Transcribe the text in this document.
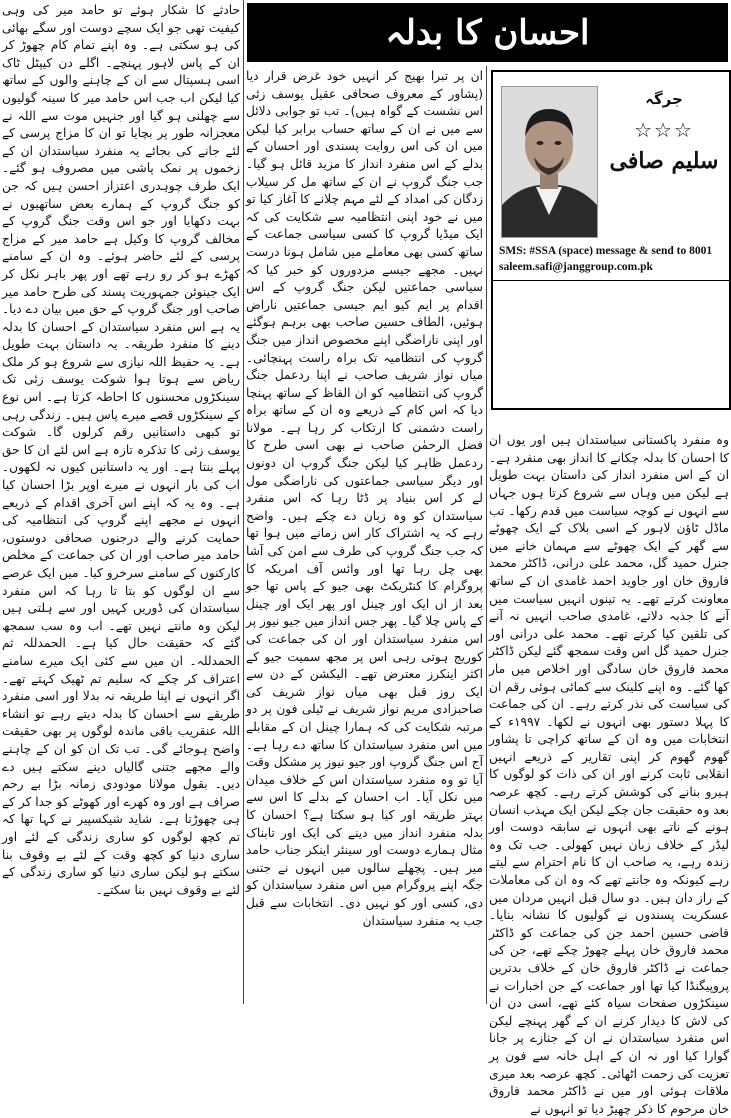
احسان کا بدلہ
جرگہ
☆☆☆
سلیم صافی
SMS: #SSA (space) message & send to 8001
saleem.safi@janggroup.com.pk

وہ منفرد پاکستانی سیاستدان ہیں اور یوں ان کا احسان کا بدلہ چکانے کا انداز بھی منفرد ہے۔ ان کے اس منفرد انداز کی داستان بہت طویل ہے لیکن میں وہاں سے شروع کرتا ہوں جہاں سے انہوں نے کوچہ سیاست میں قدم رکھا۔ تب ماڈل ٹاؤن لاہور کے اسی بلاک کے ایک چھوٹے سے گھر کے ایک چھوٹے سے مہمان خانے میں جنرل حمید گل، محمد علی درانی، ڈاکٹر محمد فاروق خان اور جاوید احمد غامدی ان کے ساتھ معاونت کرتے تھے۔ یہ تینوں انہیں سیاست میں آنے کا جذبہ دلاتے، غامدی صاحب انہیں نہ آنے کی تلقین کیا کرتے تھے۔ محمد علی درانی اور جنرل حمید گل اس وقت سمجھ گئے لیکن ڈاکٹر محمد فاروق خان سادگی اور اخلاص میں مار کھا گئے۔ وہ اپنے کلینک سے کمائی ہوئی رقم ان کی سیاست کی نذر کرتے رہے۔ ان کی جماعت کا پہلا دستور بھی انہوں نے لکھا۔ ۱۹۹۷ء کے انتخابات میں وہ ان کے ساتھ کراچی تا پشاور گھوم گھوم کر اپنی تقاریر کے ذریعے انہیں انقلابی ثابت کرنے اور ان کی ذات کو لوگوں کا ہیرو بنانے کی کوشش کرتے رہے۔ کچھ عرصہ بعد وہ حقیقت جان چکے لیکن ایک مہذب انسان ہونے کے ناتے بھی انہوں نے سابقہ دوست اور لیڈر کے خلاف زبان نہیں کھولی۔ جب تک وہ زندہ رہے، یہ صاحب ان کا نام احترام سے لیتے رہے کیونکہ وہ جانتے تھے کہ وہ ان کی معاملات کے راز دان ہیں۔ دو سال قبل انہیں مردان میں عسکریت پسندوں نے گولیوں کا نشانہ بنایا۔ قاضی حسین احمد جن کی جماعت کو ڈاکٹر محمد فاروق خان پہلے چھوڑ چکے تھے، جن کی جماعت نے ڈاکٹر فاروق خان کے خلاف بدترین پروپیگنڈا کیا تھا اور جماعت کے جن اخبارات نے سینکڑوں صفحات سیاہ کئے تھے، اسی دن ان کی لاش کا دیدار کرنے ان کے گھر پہنچے لیکن اس منفرد سیاستدان نے ان کے جنازے پر جانا گوارا کیا اور نہ ان کے اہل خانہ سے فون پر تعزیت کی زحمت اٹھائی۔ کچھ عرصہ بعد میری ملاقات ہوئی اور میں نے ڈاکٹر محمد فاروق خان مرحوم کا ذکر چھیڑ دیا تو انہوں نے

ان پر تبرا بھیج کر انہیں خود غرض قرار دیا (پشاور کے معروف صحافی عقیل یوسف زئی اس نشست کے گواہ ہیں)۔ تب تو جوابی دلائل سے میں نے ان کے ساتھ حساب برابر کیا لیکن میں ان کی اس روایت پسندی اور احسان کے بدلے کے اس منفرد انداز کا مزید قائل ہو گیا۔ جب جنگ گروپ نے ان کے ساتھ مل کر سیلاب زدگان کی امداد کے لئے مہم چلانے کا آغاز کیا تو میں نے خود اپنی انتظامیہ سے شکایت کی کہ ایک میڈیا گروپ کا کسی سیاسی جماعت کے ساتھ کسی بھی معاملے میں شامل ہونا درست نہیں۔ مجھے جیسے مزدوروں کو خبر کیا کہ سیاسی جماعتیں لیکن جنگ گروپ کے اس اقدام پر ایم کیو ایم جیسی جماعتیں ناراض ہوئیں، الطاف حسین صاحب بھی برہم ہوگئے اور اپنی ناراضگی اپنے مخصوص انداز میں جنگ گروپ کی انتظامیہ تک براہ راست پہنچائی۔ میاں نواز شریف صاحب نے اپنا ردعمل جنگ گروپ کی انتظامیہ کو ان الفاظ کے ساتھ پہنچا دیا کہ اس کام کے ذریعے وہ ان کے ساتھ براہ راست دشمنی کا ارتکاب کر رہا ہے۔ مولانا فضل الرحمٰن صاحب نے بھی اسی طرح کا ردعمل ظاہر کیا لیکن جنگ گروپ ان دونوں اور دیگر سیاسی جماعتوں کی ناراضگی مول لے کر اس بنیاد پر ڈٹا رہا کہ اس منفرد سیاستدان کو وہ زبان دے چکے ہیں۔ واضح رہے کہ یہ اشتراک کار اس زمانے میں ہوا تھا کہ جب جنگ گروپ کی طرف سے امن کی آشا بھی چل رہا تھا اور وائس آف امریکہ کا پروگرام کا کنٹریکٹ بھی جیو کے پاس تھا جو بعد از اں ایک اور چینل اور پھر ایک اور چینل کے پاس چلا گیا۔ پھر جس انداز میں جیو نیوز پر اس منفرد سیاستدان اور ان کی جماعت کی کوریج ہوتی رہی اس پر مجھ سمیت جیو کے اکثر اینکرز معترض تھے۔ الیکشن کے دن سے ایک روز قبل بھی میاں نواز شریف کی صاحبزادی مریم نواز شریف نے ٹیلی فون پر دو مرتبہ شکایت کی کہ ہمارا چینل ان کے مقابلے میں اس منفرد سیاستدان کا ساتھ دے رہا ہے۔ آج اس جنگ گروپ اور جیو نیوز پر مشکل وقت آیا تو وہ منفرد سیاستدان اس کے خلاف میدان میں نکل آیا۔ اب احسان کے بدلے کا اس سے بہتر طریقہ اور کیا ہو سکتا ہے؟ احسان کا بدلہ منفرد انداز میں دینے کی ایک اور تابناک مثال ہمارے دوست اور سینئر اینکر جناب حامد میر ہیں۔ پچھلے سالوں میں انہوں نے جتنی جگہ اپنے پروگرام میں اس منفرد سیاستدان کو دی، کسی اور کو نہیں دی۔ انتخابات سے قبل جب یہ منفرد سیاستدان

حادثے کا شکار ہوئے تو حامد میر کی وہی کیفیت تھی جو ایک سچے دوست اور سگے بھائی کی ہو سکتی ہے۔ وہ اپنے تمام کام چھوڑ کر ان کے پاس لاہور پہنچے۔ اگلے دن کیپٹل ٹاک اسی ہسپتال سے ان کے چاہنے والوں کے ساتھ کیا لیکن اب جب اس حامد میر کا سینہ گولیوں سے چھلنی ہو گیا اور جنہیں موت سے اللہ نے معجزانہ طور پر بچایا تو ان کا مزاج پرسی کے لئے جانے کی بجائے یہ منفرد سیاستدان ان کے زخموں پر نمک پاشی میں مصروف ہو گئے۔ ایک طرف چوہدری اعتزاز احسن ہیں کہ جن کو جنگ گروپ کے ہمارے بعض ساتھیوں نے بہت دکھایا اور جو اس وقت جنگ گروپ کے مخالف گروپ کا وکیل ہے حامد میر کے مزاج پرسی کے لئے حاضر ہوئے۔ وہ ان کے سامنے کھڑے ہو کر رو رہے تھے اور پھر باہر نکل کر ایک جینوئن جمہوریت پسند کی طرح حامد میر صاحب اور جنگ گروپ کے حق میں بیان دے دیا۔ یہ ہے اس منفرد سیاستدان کے احسان کا بدلہ دینے کا منفرد طریقہ۔ یہ داستان بہت طویل ہے۔ یہ حفیظ اللہ نیازی سے شروع ہو کر ملک ریاض سے ہوتا ہوا شوکت یوسف زئی تک سینکڑوں محسنوں کا احاطہ کرتا ہے۔ اس نوع کے سینکڑوں قصے میرے پاس ہیں۔ زندگی رہی تو کبھی داستانیں رقم کرلوں گا۔ شوکت یوسف زئی کا تذکرہ تازہ ہے اس لئے ان کا حق پہلے بنتا ہے۔ اور یہ داستانیں کیوں نہ لکھوں۔ اب کی بار انہوں نے میرے اوپر بڑا احسان کیا ہے۔ وہ یہ کہ اپنے اس آخری اقدام کے ذریعے انہوں نے مجھے اپنے گروپ کی انتظامیہ کی حمایت کرنے والے درجنوں صحافی دوستوں، حامد میر صاحب اور ان کی جماعت کے مخلص کارکنوں کے سامنے سرخرو کیا۔ میں ایک عرصے سے ان لوگوں کو بتا تا رہا کہ اس منفرد سیاستدان کی ڈوریں کہیں اور سے ہلتی ہیں لیکن وہ مانتے نہیں تھے۔ اب وہ سب سمجھ گئے کہ حقیقت حال کیا ہے۔ الحمدللہ ثم الحمدللہ۔ ان میں سے کئی ایک میرے سامنے اعتراف کر چکے کہ سلیم تم ٹھیک کہتے تھے۔ اگر انہوں نے اپنا طریقہ نہ بدلا اور اسی منفرد طریقے سے احسان کا بدلہ دیتے رہے تو انشاء اللہ عنقریب باقی ماندہ لوگوں پر بھی حقیقت واضح ہوجائے گی۔ تب تک ان کو ان کے چاہنے والے مجھے جتنی گالیاں دینے سکتے ہیں دے دیں۔ بقول مولانا مودودی زمانہ بڑا بے رحم صراف ہے اور وہ کھرے اور کھوٹے کو جدا کر کے ہی چھوڑتا ہے۔ شاید شیکسپیر نے کہا تھا کہ تم کچھ لوگوں کو ساری زندگی کے لئے اور ساری دنیا کو کچھ وقت کے لئے بے وقوف بنا سکتے ہو لیکن ساری دنیا کو ساری زندگی کے لئے بے وقوف نہیں بنا سکتے۔
